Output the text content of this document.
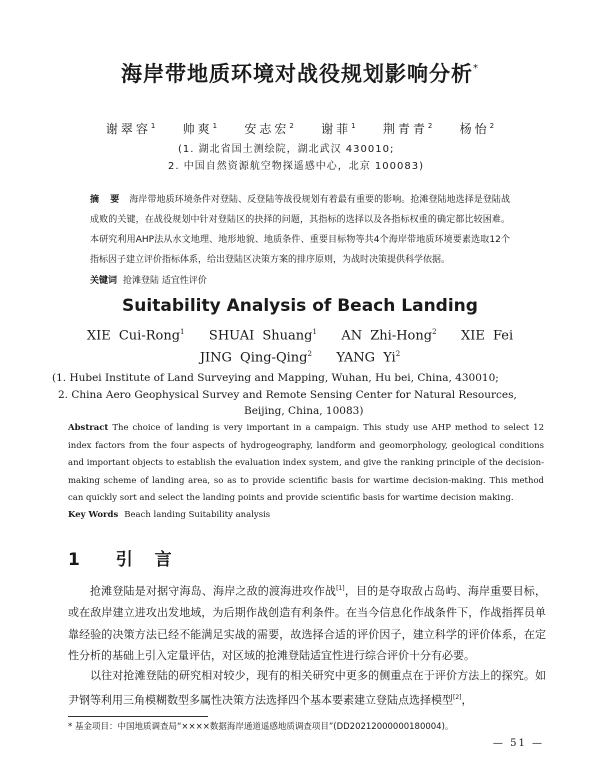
海岸带地质环境对战役规划影响分析*
谢翠容$^1$ 帅爽$^1$ 安志宏$^2$ 谢菲$^1$ 荆青青$^2$ 杨怡$^2$
(1. 湖北省国土测绘院，湖北武汉 430010;
2. 中国自然资源航空物探遥感中心，北京 100083)
摘 要 海岸带地质环境条件对登陆、反登陆等战役规划有着最有重要的影响。抢滩登陆地选择是登陆战成败的关键，在战役规划中针对登陆区的抉择的问题，其指标的选择以及各指标权重的确定都比较困难。本研究利用AHP法从水文地理、地形地貌、地质条件、重要目标物等共4个海岸带地质环境要素选取12个指标因子建立评价指标体系，给出登陆区决策方案的排序原则，为战时决策提供科学依据。
关键词 抢滩登陆 适宜性评价
Suitability Analysis of Beach Landing
XIE Cui-Rong$^1$ SHUAI Shuang$^1$ AN Zhi-Hong$^2$ XIE Fei
JING Qing-Qing$^2$ YANG Yi$^2$
(1. Hubei Institute of Land Surveying and Mapping, Wuhan, Hu bei, China, 430010;
2. China Aero Geophysical Survey and Remote Sensing Center for Natural Resources,
Beijing, China, 10083)
Abstract The choice of landing is very important in a campaign. This study use AHP method to select 12 index factors from the four aspects of hydrogeography, landform and geomorphology, geological conditions and important objects to establish the evaluation index system, and give the ranking principle of the decision-making scheme of landing area, so as to provide scientific basis for wartime decision-making. This method can quickly sort and select the landing points and provide scientific basis for wartime decision making.
Key Words Beach landing Suitability analysis
1 引 言
抢滩登陆是对据守海岛、海岸之敌的渡海进攻作战[1]，目的是夺取敌占岛屿、海岸重要目标，或在敌岸建立进攻出发地域，为后期作战创造有利条件。在当今信息化作战条件下，作战指挥员单靠经验的决策方法已经不能满足实战的需要，故选择合适的评价因子，建立科学的评价体系，在定性分析的基础上引入定量评估，对区域的抢滩登陆适宜性进行综合评价十分有必要。
以往对抢滩登陆的研究相对较少，现有的相关研究中更多的侧重点在于评价方法上的探究。如尹钢等利用三角模糊数型多属性决策方法选择四个基本要素建立登陆点选择模型[2]，
* 基金项目：中国地质调查局“××××数据海岸通道遥感地质调查项目”(DD20212000000180004)。
— 51 —
